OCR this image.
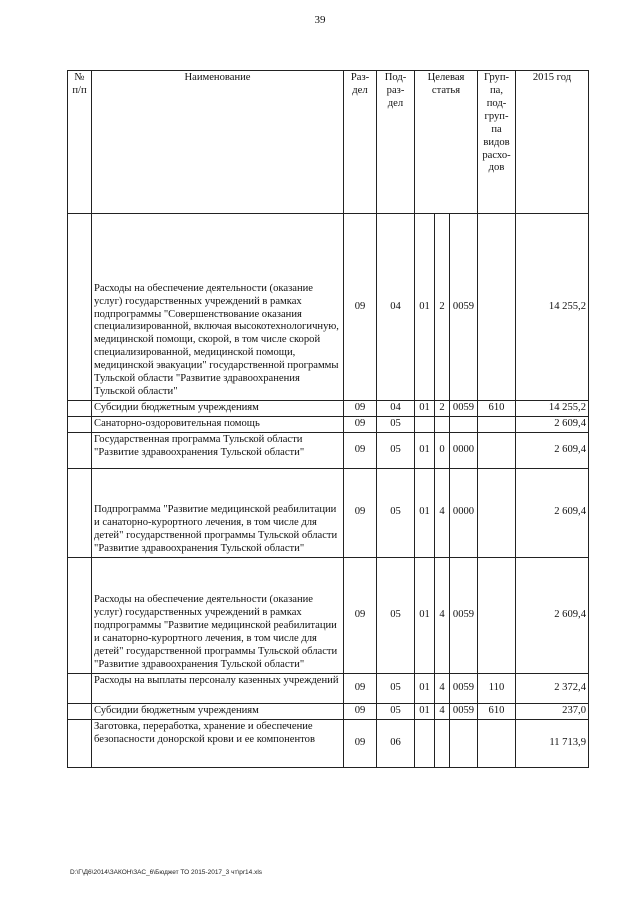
39
№ п/п	Наименование	Раз-дел	Под-раз-дел	Целевая статья			Груп-па, под-груп-па видов расхо-дов	2015 год

	Расходы на обеспечение деятельности (оказание услуг) государственных учреждений в рамках подпрограммы "Совершенствование оказания специализированной, включая высокотехнологичную, медицинской помощи, скорой, в том числе скорой специализированной, медицинской помощи, медицинской эвакуации" государственной программы Тульской области "Развитие здравоохранения Тульской области"	09	04	01	2	0059		14 255,2
	Субсидии бюджетным учреждениям	09	04	01	2	0059	610	14 255,2
	Санаторно-оздоровительная помощь	09	05					2 609,4
	Государственная программа Тульской области "Развитие здравоохранения Тульской области"	09	05	01	0	0000		2 609,4
	Подпрограмма "Развитие медицинской реабилитации и санаторно-курортного лечения, в том числе для детей" государственной программы Тульской области "Развитие здравоохранения Тульской области"	09	05	01	4	0000		2 609,4
	Расходы на обеспечение деятельности (оказание услуг) государственных учреждений в рамках подпрограммы "Развитие медицинской реабилитации и санаторно-курортного лечения, в том числе для детей" государственной программы Тульской области "Развитие здравоохранения Тульской области"	09	05	01	4	0059		2 609,4
	Расходы на выплаты персоналу казенных учреждений	09	05	01	4	0059	110	2 372,4
	Субсидии бюджетным учреждениям	09	05	01	4	0059	610	237,0
	Заготовка, переработка, хранение и обеспечение безопасности донорской крови и ее компонентов	09	06					11 713,9
D:\Г\Д6\2014\ЗАКОН\ЗАС_6\Бюджет ТО 2015-2017_3 чт\pr14.xls
